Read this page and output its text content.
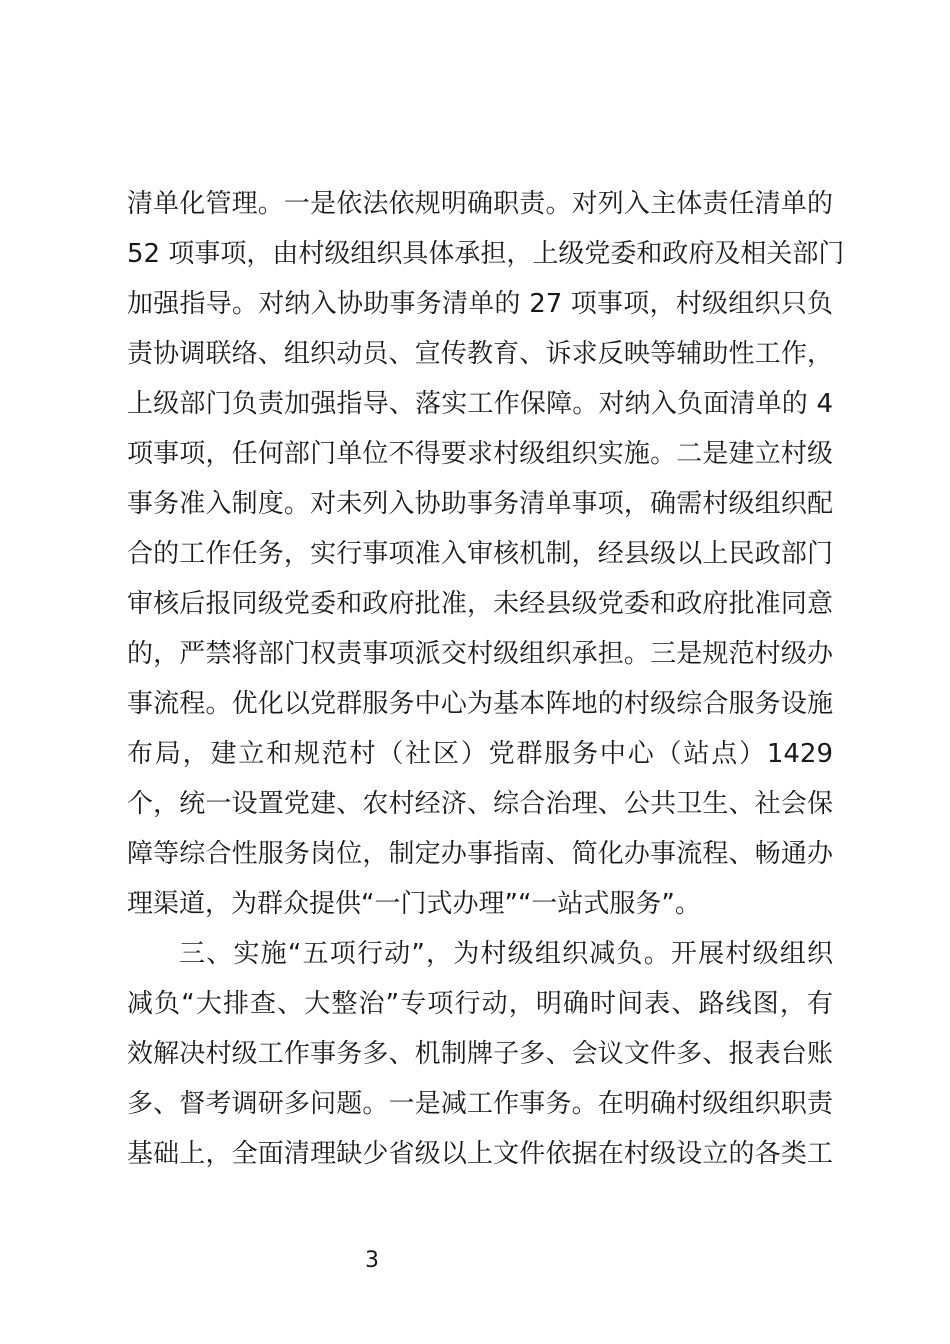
清单化管理。一是依法依规明确职责。对列入主体责任清单的
52 项事项，由村级组织具体承担，上级党委和政府及相关部门
加强指导。对纳入协助事务清单的 27 项事项，村级组织只负
责协调联络、组织动员、宣传教育、诉求反映等辅助性工作，
上级部门负责加强指导、落实工作保障。对纳入负面清单的 4
项事项，任何部门单位不得要求村级组织实施。二是建立村级
事务准入制度。对未列入协助事务清单事项，确需村级组织配
合的工作任务，实行事项准入审核机制，经县级以上民政部门
审核后报同级党委和政府批准，未经县级党委和政府批准同意
的，严禁将部门权责事项派交村级组织承担。三是规范村级办
事流程。优化以党群服务中心为基本阵地的村级综合服务设施
布局，建立和规范村（社区）党群服务中心（站点）1429
个，统一设置党建、农村经济、综合治理、公共卫生、社会保
障等综合性服务岗位，制定办事指南、简化办事流程、畅通办
理渠道，为群众提供“一门式办理”“一站式服务”。
三、实施“五项行动”，为村级组织减负。开展村级组织
减负“大排查、大整治”专项行动，明确时间表、路线图，有
效解决村级工作事务多、机制牌子多、会议文件多、报表台账
多、督考调研多问题。一是减工作事务。在明确村级组织职责
基础上，全面清理缺少省级以上文件依据在村级设立的各类工
3
